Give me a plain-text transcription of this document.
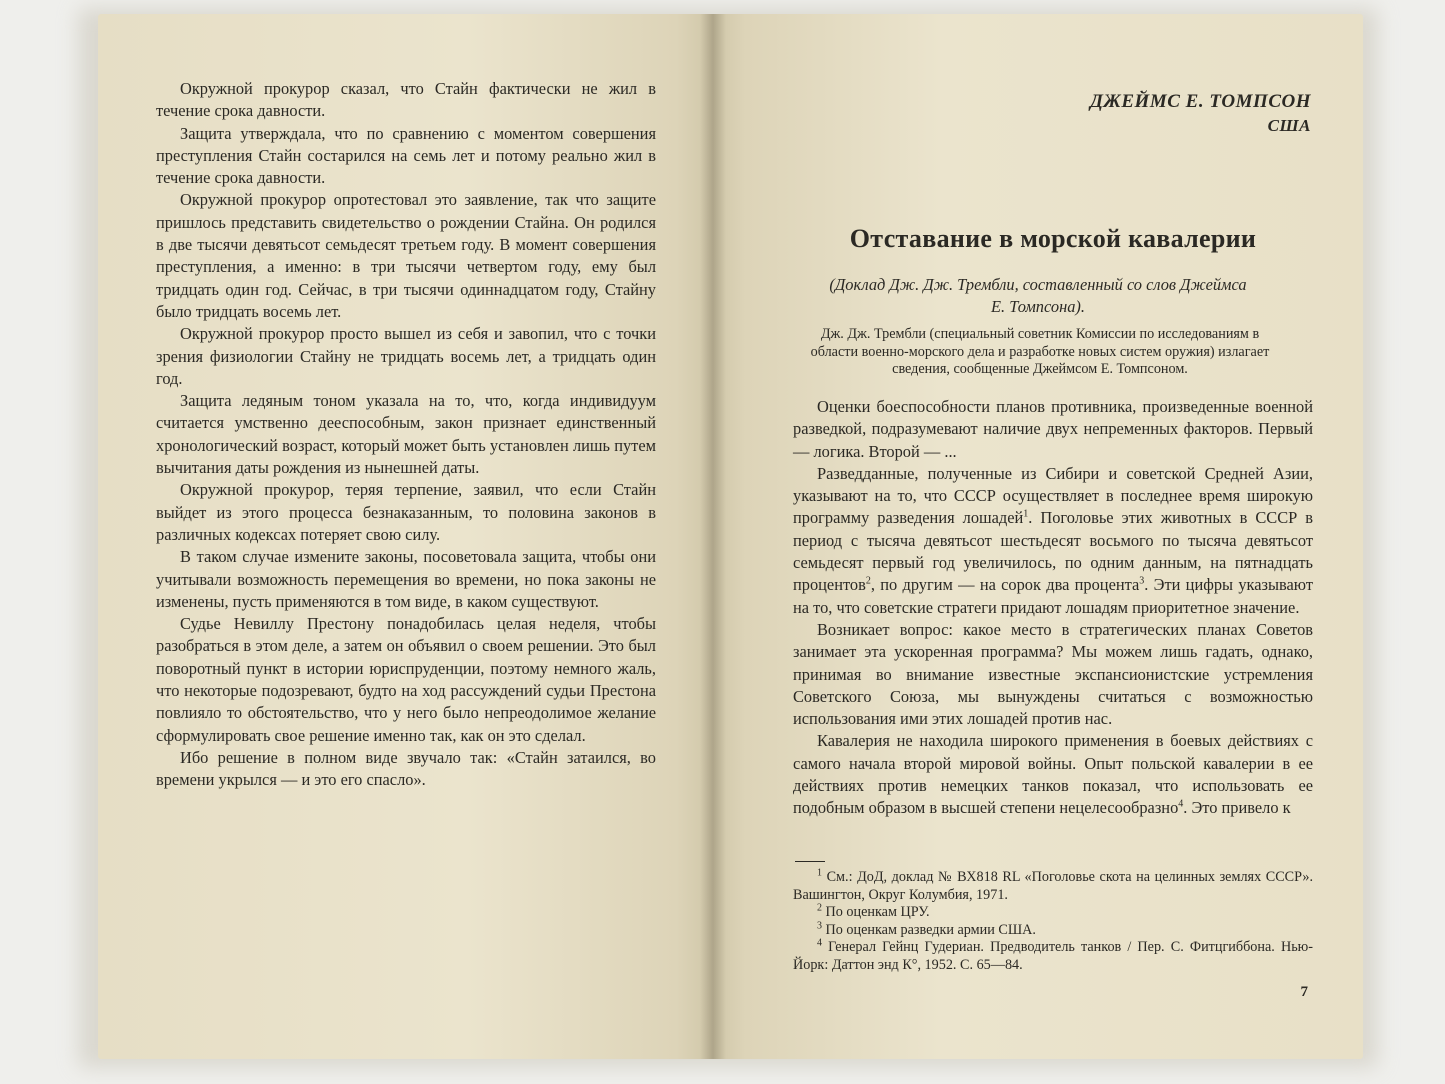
Окружной прокурор сказал, что Стайн фактически не жил в течение срока давности.

Защита утверждала, что по сравнению с моментом совершения преступления Стайн состарился на семь лет и потому реально жил в течение срока давности.

Окружной прокурор опротестовал это заявление, так что защите пришлось представить свидетельство о рождении Стайна. Он родился в две тысячи девятьсот семьдесят третьем году. В момент совершения преступления, а именно: в три тысячи четвертом году, ему был тридцать один год. Сейчас, в три тысячи одиннадцатом году, Стайну было тридцать восемь лет.

Окружной прокурор просто вышел из себя и завопил, что с точки зрения физиологии Стайну не тридцать восемь лет, а тридцать один год.

Защита ледяным тоном указала на то, что, когда индивидуум считается умственно дееспособным, закон признает единственный хронологический возраст, который может быть установлен лишь путем вычитания даты рождения из нынешней даты.

Окружной прокурор, теряя терпение, заявил, что если Стайн выйдет из этого процесса безнаказанным, то половина законов в различных кодексах потеряет свою силу.

В таком случае измените законы, посоветовала защита, чтобы они учитывали возможность перемещения во времени, но пока законы не изменены, пусть применяются в том виде, в каком существуют.

Судье Невиллу Престону понадобилась целая неделя, чтобы разобраться в этом деле, а затем он объявил о своем решении. Это был поворотный пункт в истории юриспруденции, поэтому немного жаль, что некоторые подозревают, будто на ход рассуждений судьи Престона повлияло то обстоятельство, что у него было непреодолимое желание сформулировать свое решение именно так, как он это сделал.

Ибо решение в полном виде звучало так: «Стайн затаился, во времени укрылся — и это его спасло».

ДЖЕЙМС Е. ТОМПСОН
США
Отставание в морской кавалерии
(Доклад Дж. Дж. Трембли, составленный со слов Джеймса Е. Томпсона).
Дж. Дж. Трембли (специальный советник Комиссии по исследованиям в области военно-морского дела и разработке новых систем оружия) излагает сведения, сообщенные Джеймсом Е. Томпсоном.

Оценки боеспособности планов противника, произведенные военной разведкой, подразумевают наличие двух непременных факторов. Первый — логика. Второй — ...

Разведданные, полученные из Сибири и советской Средней Азии, указывают на то, что СССР осуществляет в последнее время широкую программу разведения лошадей$^1$. Поголовье этих животных в СССР в период с тысяча девятьсот шестьдесят восьмого по тысяча девятьсот семьдесят первый год увеличилось, по одним данным, на пятнадцать процентов$^2$, по другим — на сорок два процента$^3$. Эти цифры указывают на то, что советские стратеги придают лошадям приоритетное значение.

Возникает вопрос: какое место в стратегических планах Советов занимает эта ускоренная программа? Мы можем лишь гадать, однако, принимая во внимание известные экспансионистские устремления Советского Союза, мы вынуждены считаться с возможностью использования ими этих лошадей против нас.

Кавалерия не находила широкого применения в боевых действиях с самого начала второй мировой войны. Опыт польской кавалерии в ее действиях против немецких танков показал, что использовать ее подобным образом в высшей степени нецелесообразно$^4$. Это привело к

$^1$ См.: ДоД, доклад № ВХ818 RL «Поголовье скота на целинных землях СССР». Вашингтон, Округ Колумбия, 1971.
$^2$ По оценкам ЦРУ.
$^3$ По оценкам разведки армии США.
$^4$ Генерал Гейнц Гудериан. Предводитель танков / Пер. С. Фитцгиббона. Нью-Йорк: Даттон энд К°, 1952. С. 65—84.
7
